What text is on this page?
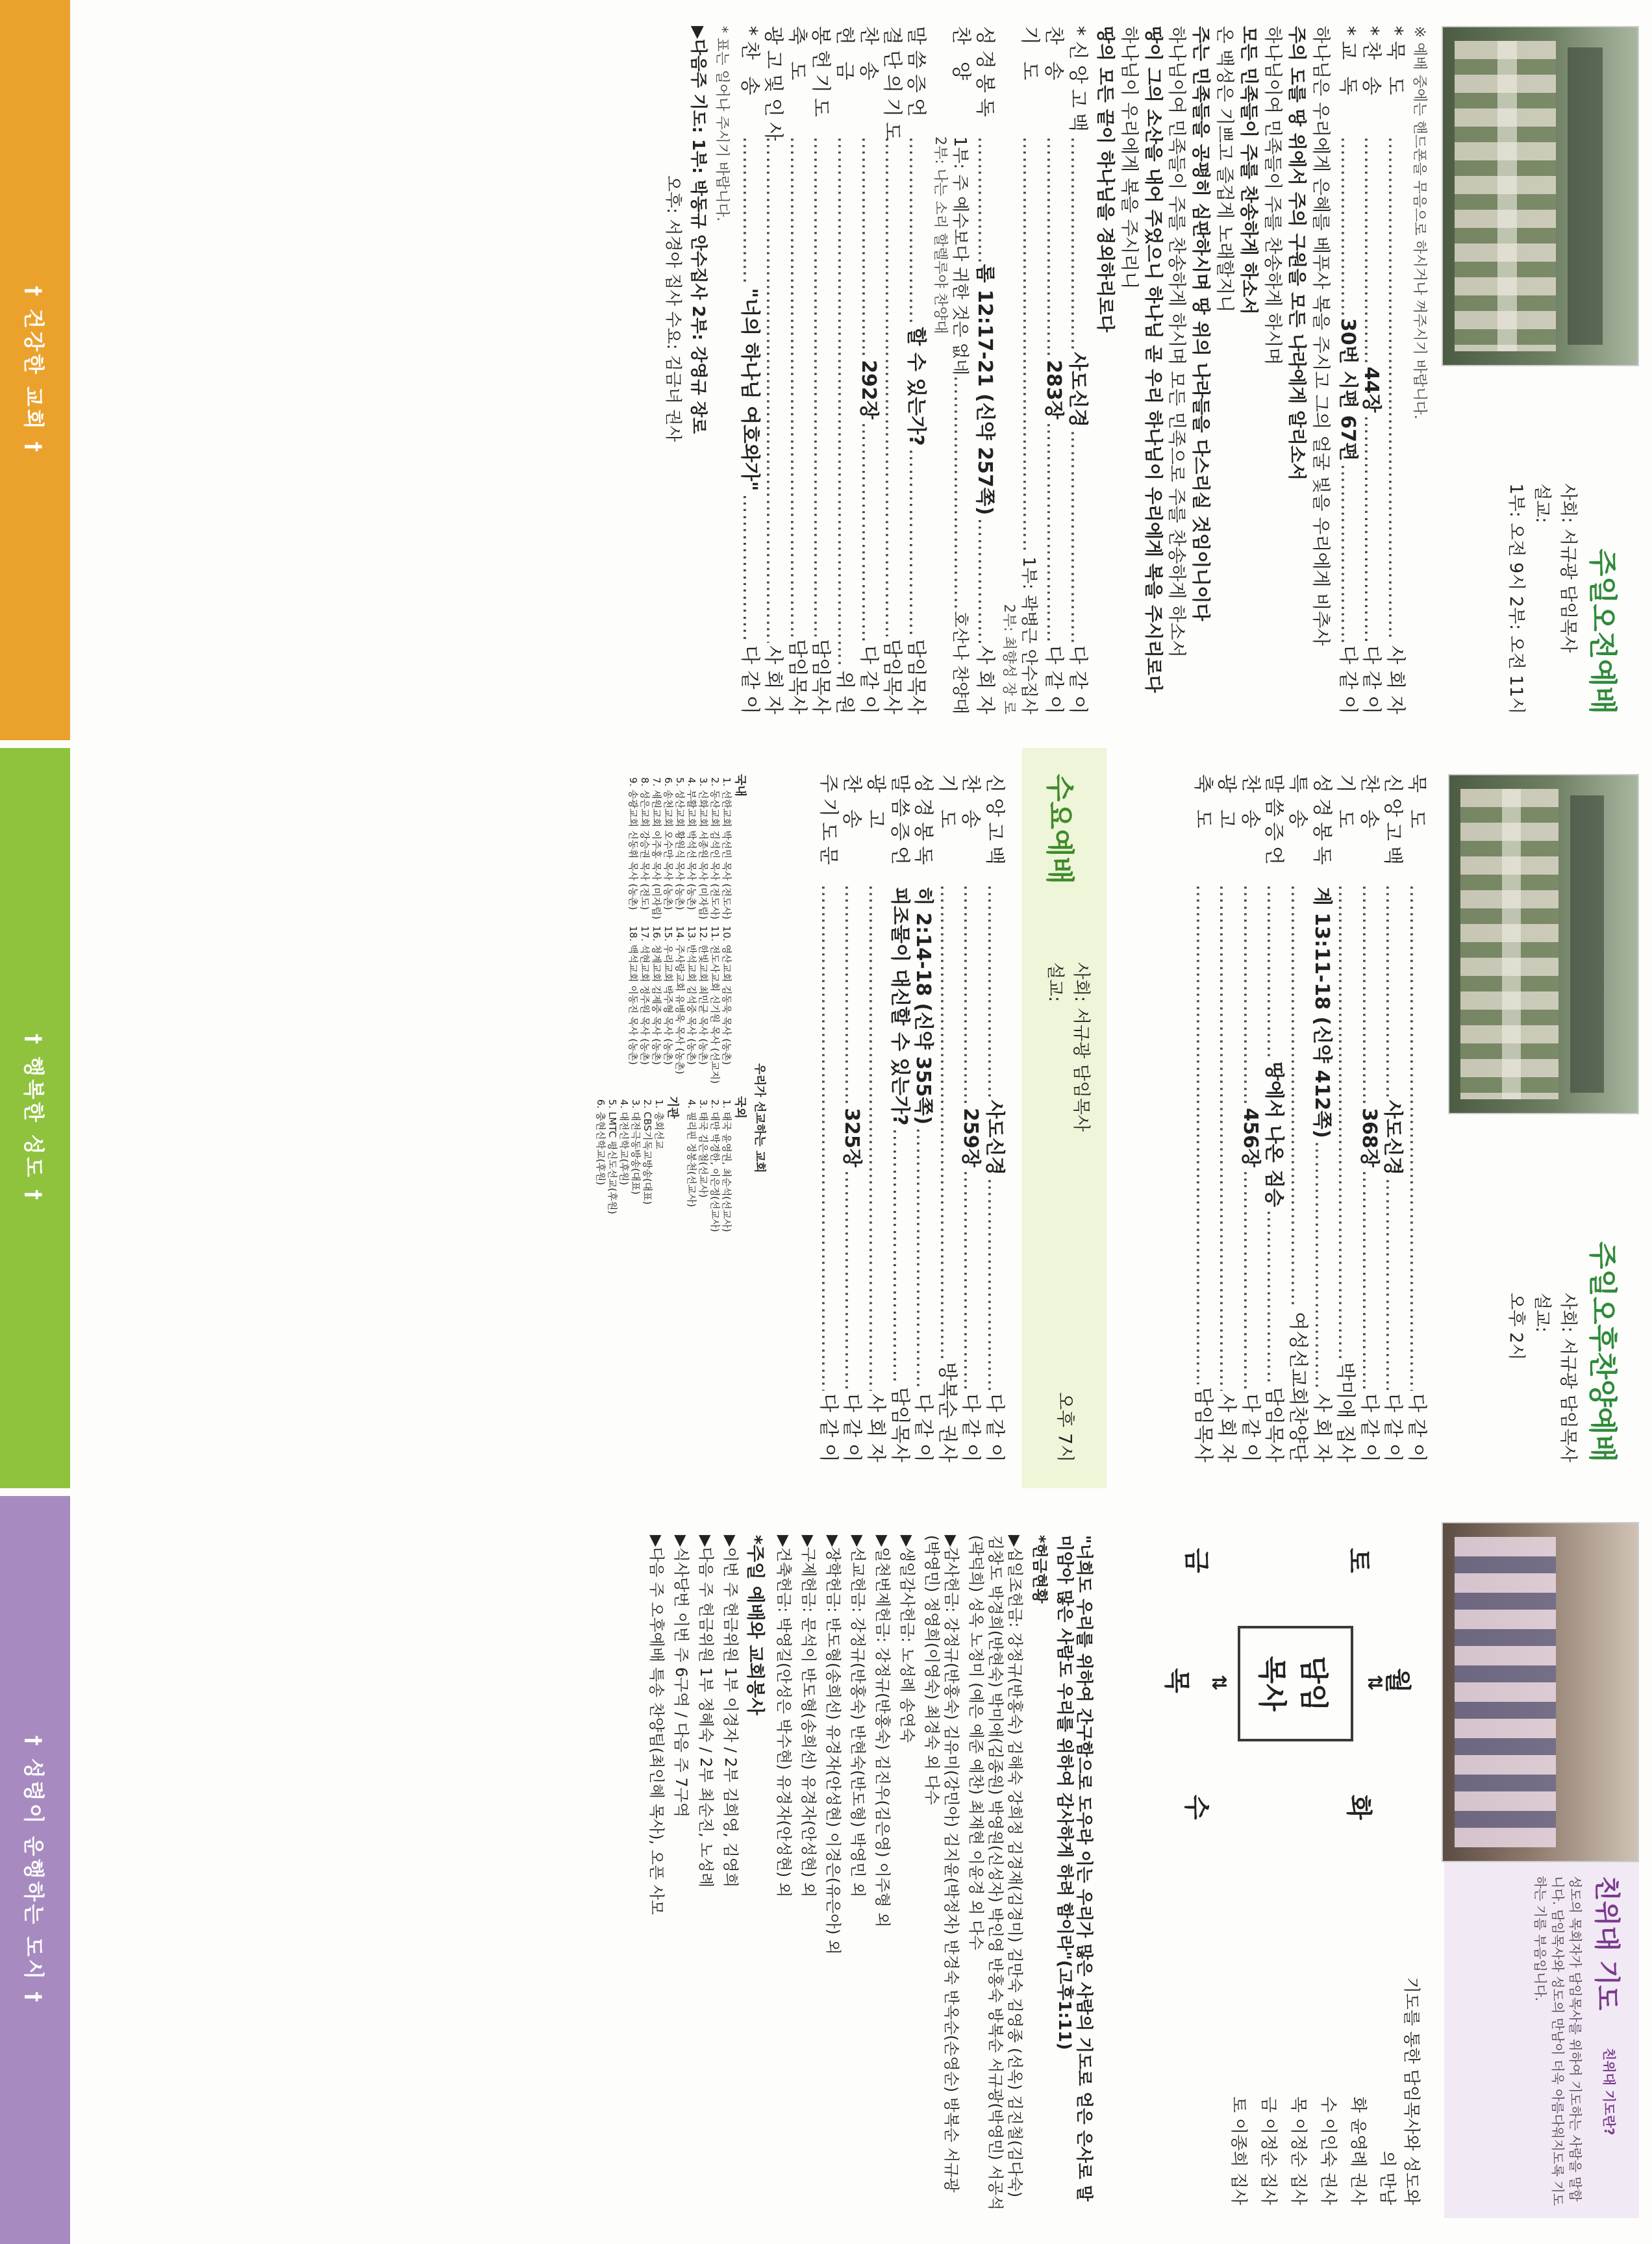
주일오전예배
사회: 서규광 담임목사
설교:
1부: 오전 9시 2부: 오전 11시
※ 예배 중에는 핸드폰을 무음으로 하시거나 꺼주시기 바랍니다.
*묵 도
………………………………………………………………………………………………………………………………
사 회 자
*찬 송
………………………………………………………………………………………………………………………………
44장
………………………………………………………………………………………………………………………………
다 같 이
*교 독
………………………………………………………………………………………………………………………………
30번 시편 67편
………………………………………………………………………………………………………………………………
다 같 이
하나님은 우리에게 은혜를 베푸사 복을 주시고 그의 얼굴 빛을 우리에게 비추사
주의 도를 땅 위에서 주의 구원을 모든 나라에게 알리소서
하나님이여 민족들이 주를 찬송하게 하시며
모든 민족들이 주를 찬송하게 하소서
온 백성은 기쁘고 즐겁게 노래할지니
주는 민족들을 공평히 심판하시며 땅 위의 나라들을 다스리실 것임이니이다
하나님이여 민족들이 주를 찬송하게 하시며 모든 민족으로 주를 찬송하게 하소서
땅이 그의 소산을 내어 주었으니 하나님 곧 우리 하나님이 우리에게 복을 주시리로다
하나님이 우리에게 복을 주시리니
땅의 모든 끝이 하나님을 경외하리로다
*신앙고백
………………………………………………………………………………………………………………………………
사도신경
………………………………………………………………………………………………………………………………
다 같 이
찬 송
………………………………………………………………………………………………………………………………
283장
………………………………………………………………………………………………………………………………
다 같 이
기 도
………………………………………………………………………………………………………………………………
1부: 곽병근 안수집사
2부: 최향성 장 로
성경봉독
………………………………………………………………………………………………………………………………
롬 12:17-21 (신약 257쪽)
………………………………………………………………………………………………………………………………
사 회 자
찬 양
1부: 주 예수보다 귀한 것은 없네
………………………………………………………………………………………………………………………………
호산나 찬양대
2부: 나는 소리 할렐루야 찬양대
말씀증언
………………………………………………………………………………………………………………………………
할 수 있는가?
………………………………………………………………………………………………………………………………
담임목사
결단의기도
………………………………………………………………………………………………………………………………
담임목사
찬 송
………………………………………………………………………………………………………………………………
292장
………………………………………………………………………………………………………………………………
다 같 이
헌 금
………………………………………………………………………………………………………………………………
위 원
봉헌기도
………………………………………………………………………………………………………………………………
담임목사
축 도
………………………………………………………………………………………………………………………………
담임목사
광고및인사
………………………………………………………………………………………………………………………………
사 회 자
*찬 송
………………………………………………………………………………………………………………………………
"너의 하나님 여호와가"
………………………………………………………………………………………………………………………………
다 같 이
* 표는 일어나 주시기 바랍니다.
▶다음주 기도: 1부: 박동규 안수집사 2부: 강영규 장로
오후: 서경아 집사 수요: 김금녀 권사
† 건강한 교회 †
주일오후찬양예배
사회: 서규광 담임목사
설교:
오후 2시
묵 도
………………………………………………………………………………………………………………………………
다 같 이
신앙고백
………………………………………………………………………………………………………………………………
사도신경
………………………………………………………………………………………………………………………………
다 같 이
찬 송
………………………………………………………………………………………………………………………………
368장
………………………………………………………………………………………………………………………………
다 같 이
기 도
………………………………………………………………………………………………………………………………
박미애 집사
성경봉독
계 13:11-18 (신약 412쪽)
………………………………………………………………………………………………………………………………
사 회 자
특 송
………………………………………………………………………………………………………………………………
여성선교회찬양단
말씀증언
………………………………………………………………………………………………………………………………
땅에서 나온 짐승
………………………………………………………………………………………………………………………………
담임목사
찬 송
………………………………………………………………………………………………………………………………
456장
………………………………………………………………………………………………………………………………
다 같 이
광 고
………………………………………………………………………………………………………………………………
사 회 자
축 도
………………………………………………………………………………………………………………………………
담임목사
수요예배
사회: 서규광 담임목사
설교:
오후 7시
신앙고백
………………………………………………………………………………………………………………………………
사도신경
………………………………………………………………………………………………………………………………
다 같 이
찬 송
………………………………………………………………………………………………………………………………
259장
………………………………………………………………………………………………………………………………
다 같 이
기 도
………………………………………………………………………………………………………………………………
방복순 권사
성경봉독
히 2:14-18 (신약 355쪽)
………………………………………………………………………………………………………………………………
다 같 이
말씀증언
피조물이 대신할 수 있는가?
………………………………………………………………………………………………………………………………
담임목사
광 고
………………………………………………………………………………………………………………………………
사 회 자
찬 송
………………………………………………………………………………………………………………………………
325장
………………………………………………………………………………………………………………………………
다 같 이
주기도문
………………………………………………………………………………………………………………………………
다 같 이
우리가 선교하는 교회
국내
1. 선한교회 박선민 목사 (전도사)	10. 영산교회 김동욱 목사 (농촌)
2. 동산교회 김석인 목사 (전도사)	11. 전도사교회 신기원 목사 (선교지)
3. 신화교회 서종원 목사 (미자립)	12. 한빛교회 최민균 목사 (농촌)
4. 부활교회 박석선 목사 (농촌)	13. 반석교회 김석중 목사 (농촌)
5. 성산교회 황원식 목사 (농촌)	14. 주사랑교회 유병욱 목사 (농촌)
6. 송천교회 오수만 목사 (농촌)	15. 우리교회 박주형 목사 (농촌)
7. 세원교회 이주홍 목사 (미자립)	16. 청계교회 김제중 목사 (농촌)
8. 성은교회 강승권 목사 (전도)	17. 석현교회 정주원 목사 (농촌)
9. 송광교회 신동휘 목사 (농촌)	18. 백석교회 이동진 목사 (농촌)
국외
1. 태국 윤영권, 최순석(선교사)
2. 대만 박경한, 이은정(선교사)
3. 태국 김은철(선교사)
4. 필리핀 정봉천(선교사)
기관
1. 총회선교
2. CBS기독교방송(대표)
3. 대전극동방송(대표)
4. 대전신학교(후원)
5. LMTC 평신도선교(후원)
6. 충현신학교(후원)
† 행복한 성도 †
친위대 기도
친위대 기도란?
성도의 목회자가 담임목사를 위하여 기도하는 사람을 말합니다. 담임목사와 성도의 만남이 더욱 아름다워지도록 기도하는 기름 부음입니다.
기도를 통한 담임목사와 성도와의 만남
화 윤영례 권사
수 이인숙 권사
목 이정순 집사
금 이정순 집사
토 이종희 집사
월
⇅
담임
목사
토
화
금
수
⇅
목

"너희도 우리를 위하여 간구함으로 도우라 이는 우리가 많은 사람의 기도로 얻은 은사로 말미암아 많은 사람도 우리를 위하여 감사하게 하려 함이라"(고후1:11)

*헌금현황

▶십일조헌금: 강정규(반홍숙) 김해숙 강희정 김경재(김경미) 김만숙 김영종 (선옥) 김진철(김다숙) 김창도 박경희(반현숙) 박미애(김종원) 박영원(신성자) 박인영 반홍숙 방복순 서규광(박영민) 서공석(곽덕희) 성옥 노정미 (예은 예준 예찬) 최재현 이윤경 외 다수

▶감사헌금: 강정규(반홍숙) 김유미(강민아) 김지윤(박정자) 반경숙 반옥순(손영순) 방복순 서규광(박영민) 정영희(이영숙) 최경숙 외 다수

▶생일감사헌금: 노성례 송연숙

▶일천번제헌금: 강정규(반홍숙) 김진우(김은영) 이주형 외

▶선교헌금: 강정규(반홍숙) 반현숙(반도형) 박영민 외

▶장학헌금: 반도형(송희선) 유경자(안성현) 이경은(유은아) 외

▶구제헌금: 문석이 반도형(송희선) 유경자(안성현) 외

▶건축헌금: 박영길(안성은 박수현) 유경자(안성현) 외

*주일 예배와 교회봉사

▶이번 주 헌금위원 1부 이경자 / 2부 김희영, 김영희

▶다음 주 헌금위원 1부 정혜숙 / 2부 최순진, 노성례

▶식사당번 이번 주 6구역 / 다음 주 7구역

▶다음 주 오후예배 특송 찬양팀(최인혜 목사), 오픈 사모

† 성령이 운행하는 도시 †
